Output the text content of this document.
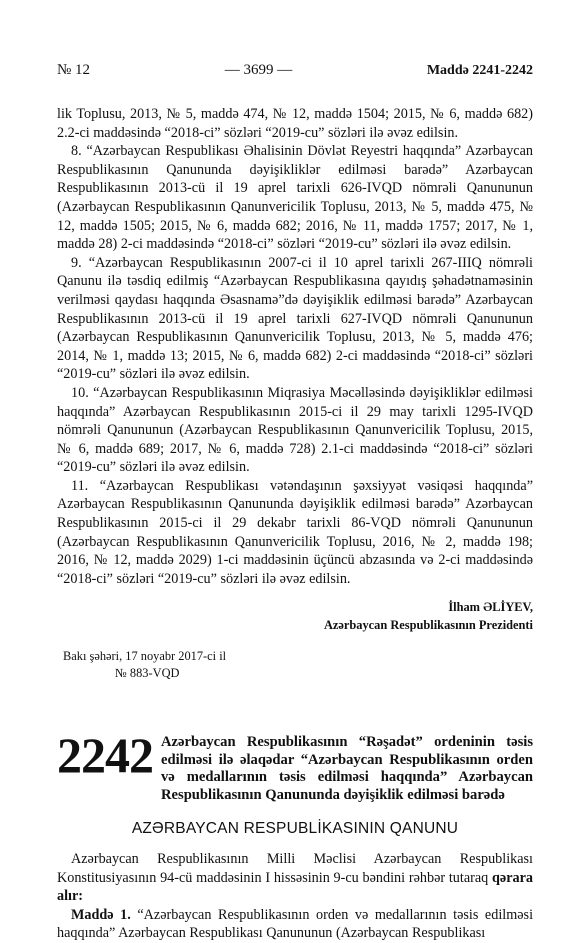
№ 12	— 3699 —	Maddə 2241-2242

lik Toplusu, 2013, № 5, maddə 474, № 12, maddə 1504; 2015, № 6, maddə 682) 2.2-ci maddəsində “2018-ci” sözləri “2019-cu” sözləri ilə əvəz edilsin.

8. “Azərbaycan Respublikası Əhalisinin Dövlət Reyestri haqqında” Azərbaycan Respublikasının Qanununda dəyişikliklər edilməsi barədə” Azərbaycan Respublikasının 2013-cü il 19 aprel tarixli 626-IVQD nömrəli Qanununun (Azərbaycan Respublikasının Qanunvericilik Toplusu, 2013, № 5, maddə 475, № 12, maddə 1505; 2015, № 6, maddə 682; 2016, № 11, maddə 1757; 2017, № 1, maddə 28) 2-ci maddəsində “2018-ci” sözləri “2019-cu” sözləri ilə əvəz edilsin.

9. “Azərbaycan Respublikasının 2007-ci il 10 aprel tarixli 267-IIIQ nömrəli Qanunu ilə təsdiq edilmiş “Azərbaycan Respublikasına qayıdış şəhadətnaməsinin verilməsi qaydası haqqında Əsasnamə”də dəyişiklik edilməsi barədə” Azərbaycan Respublikasının 2013-cü il 19 aprel tarixli 627-IVQD nömrəli Qanununun (Azərbaycan Respublikasının Qanunvericilik Toplusu, 2013, № 5, maddə 476; 2014, № 1, maddə 13; 2015, № 6, maddə 682) 2-ci maddəsində “2018-ci” sözləri “2019-cu” sözləri ilə əvəz edilsin.

10. “Azərbaycan Respublikasının Miqrasiya Məcəlləsində dəyişikliklər edilməsi haqqında” Azərbaycan Respublikasının 2015-ci il 29 may tarixli 1295-IVQD nömrəli Qanununun (Azərbaycan Respublikasının Qanunvericilik Toplusu, 2015, № 6, maddə 689; 2017, № 6, maddə 728) 2.1-ci maddəsində “2018-ci” sözləri “2019-cu” sözləri ilə əvəz edilsin.

11. “Azərbaycan Respublikası vətəndaşının şəxsiyyət vəsiqəsi haqqında” Azərbaycan Respublikasının Qanununda dəyişiklik edilməsi barədə” Azərbaycan Respublikasının 2015-ci il 29 dekabr tarixli 86-VQD nömrəli Qanununun (Azərbaycan Respublikasının Qanunvericilik Toplusu, 2016, № 2, maddə 198; 2016, № 12, maddə 2029) 1-ci maddəsinin üçüncü abzasında və 2-ci maddəsində “2018-ci” sözləri “2019-cu” sözləri ilə əvəz edilsin.

İlham ƏLİYEV,
Azərbaycan Respublikasının Prezidenti
Bakı şəhəri, 17 noyabr 2017-ci il
№ 883-VQD
2242 Azərbaycan Respublikasının “Rəşadət” ordeninin təsis edilməsi ilə əlaqədar “Azərbaycan Respublikasının orden və medallarının təsis edilməsi haqqında” Azərbaycan Respublikasının Qanununda dəyişiklik edilməsi barədə
AZƏRBAYCAN RESPUBLİKASININ QANUNU

Azərbaycan Respublikasının Milli Məclisi Azərbaycan Respublikası Konstitusiyasının 94-cü maddəsinin I hissəsinin 9-cu bəndini rəhbər tutaraq qərara alır:

Maddə 1. “Azərbaycan Respublikasının orden və medallarının təsis edilməsi haqqında” Azərbaycan Respublikası Qanununun (Azərbaycan Respublikası
